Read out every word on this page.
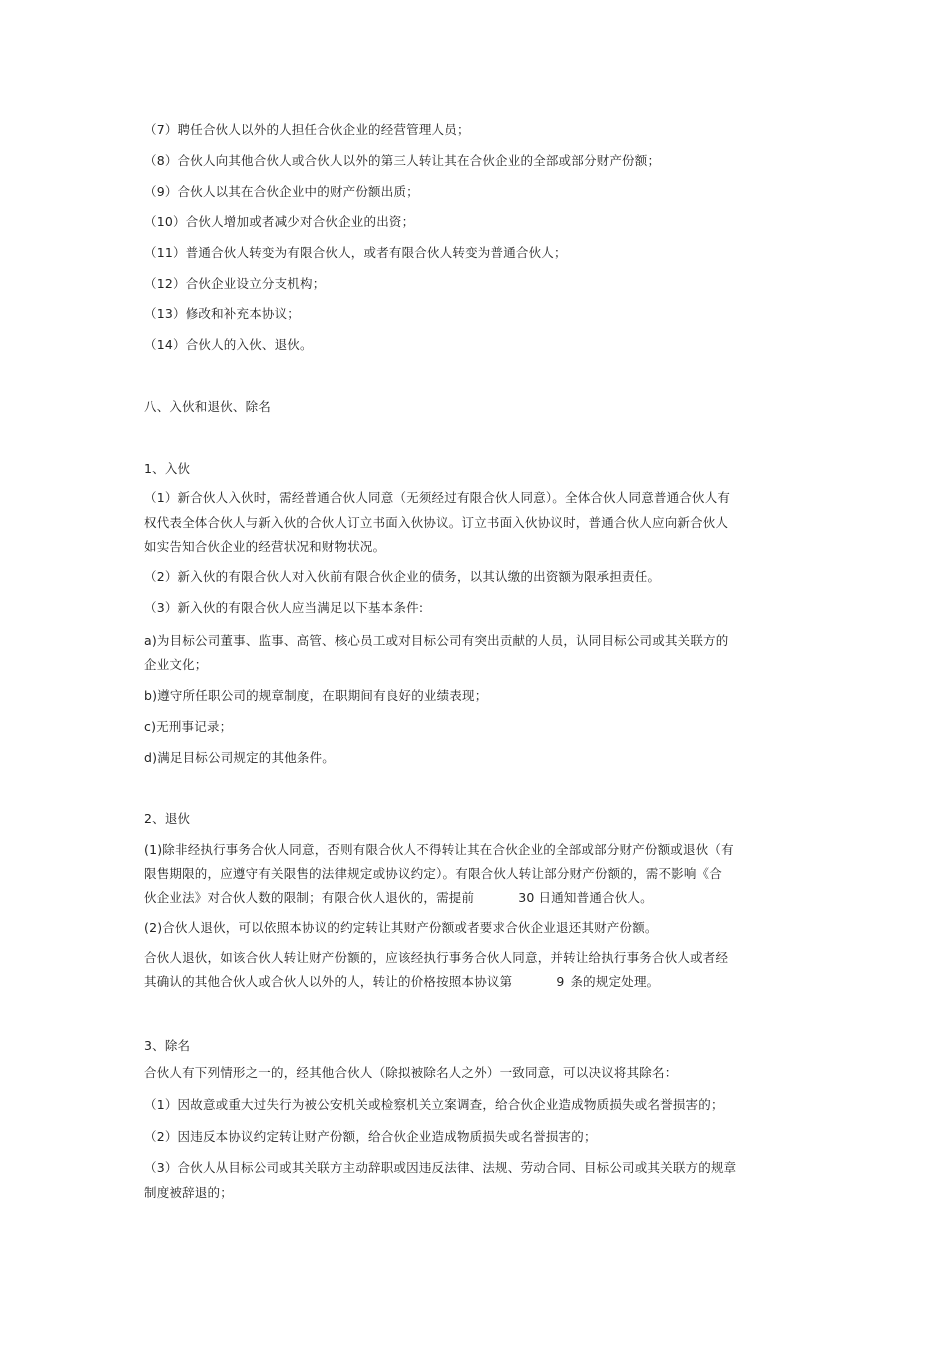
（7）聘任合伙人以外的人担任合伙企业的经营管理人员；
（8）合伙人向其他合伙人或合伙人以外的第三人转让其在合伙企业的全部或部分财产份额；
（9）合伙人以其在合伙企业中的财产份额出质；
（10）合伙人增加或者减少对合伙企业的出资；
（11）普通合伙人转变为有限合伙人，或者有限合伙人转变为普通合伙人；
（12）合伙企业设立分支机构；
（13）修改和补充本协议；
（14）合伙人的入伙、退伙。
八、入伙和退伙、除名
1、入伙
（1）新合伙人入伙时，需经普通合伙人同意（无须经过有限合伙人同意）。全体合伙人同意普通合伙人有
权代表全体合伙人与新入伙的合伙人订立书面入伙协议。订立书面入伙协议时，普通合伙人应向新合伙人
如实告知合伙企业的经营状况和财物状况。
（2）新入伙的有限合伙人对入伙前有限合伙企业的债务，以其认缴的出资额为限承担责任。
（3）新入伙的有限合伙人应当满足以下基本条件:
a)为目标公司董事、监事、高管、核心员工或对目标公司有突出贡献的人员，认同目标公司或其关联方的
企业文化；
b)遵守所任职公司的规章制度，在职期间有良好的业绩表现；
c)无刑事记录；
d)满足目标公司规定的其他条件。
2、退伙
(1)除非经执行事务合伙人同意，否则有限合伙人不得转让其在合伙企业的全部或部分财产份额或退伙（有
限售期限的，应遵守有关限售的法律规定或协议约定）。有限合伙人转让部分财产份额的，需不影响《合
伙企业法》对合伙人数的限制；有限合伙人退伙的，需提前	30 日通知普通合伙人。
(2)合伙人退伙，可以依照本协议的约定转让其财产份额或者要求合伙企业退还其财产份额。
合伙人退伙，如该合伙人转让财产份额的，应该经执行事务合伙人同意，并转让给执行事务合伙人或者经
其确认的其他合伙人或合伙人以外的人，转让的价格按照本协议第	9 条的规定处理。
3、除名
合伙人有下列情形之一的，经其他合伙人（除拟被除名人之外）一致同意，可以决议将其除名：
（1）因故意或重大过失行为被公安机关或检察机关立案调查，给合伙企业造成物质损失或名誉损害的；
（2）因违反本协议约定转让财产份额，给合伙企业造成物质损失或名誉损害的；
（3）合伙人从目标公司或其关联方主动辞职或因违反法律、法规、劳动合同、目标公司或其关联方的规章
制度被辞退的；
